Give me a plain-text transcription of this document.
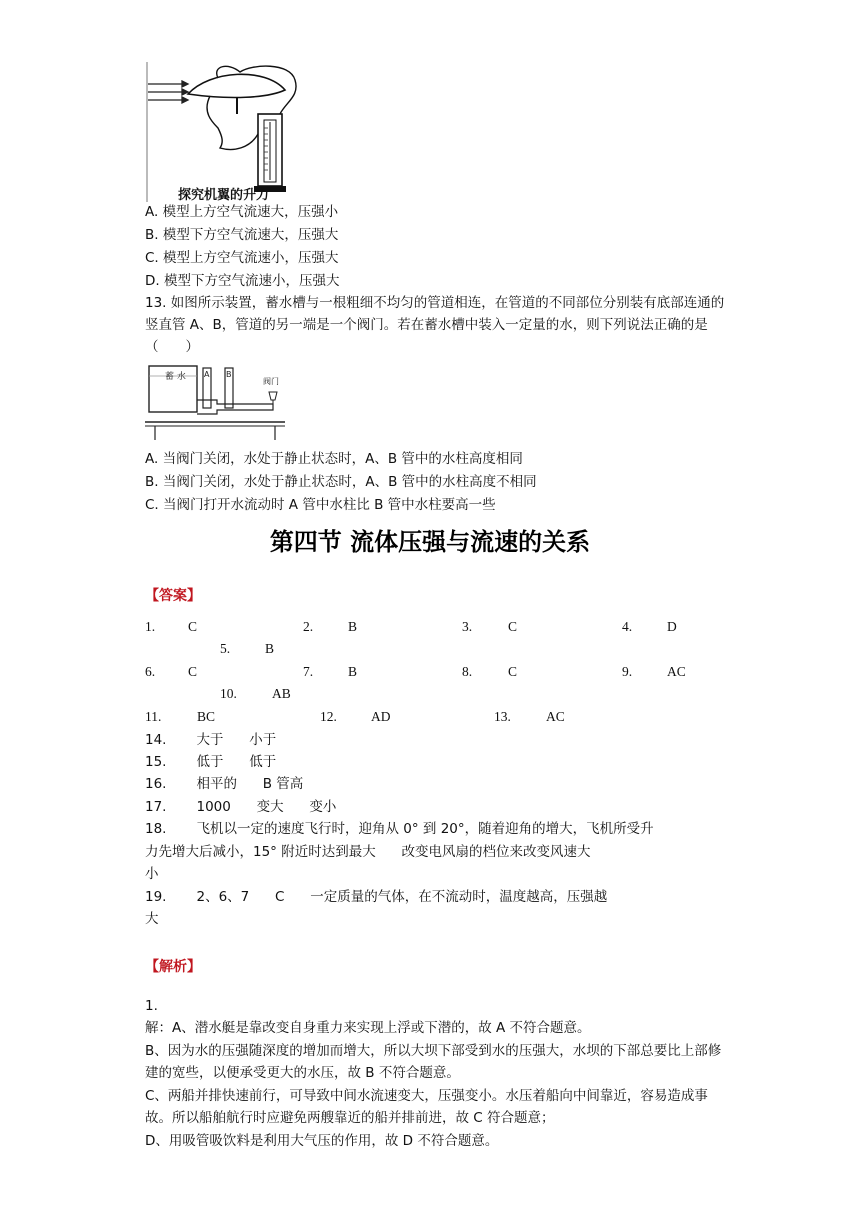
探究机翼的升力
A. 模型上方空气流速大，压强小
B. 模型下方空气流速大，压强大
C. 模型上方空气流速小，压强大
D. 模型下方空气流速小，压强大
13. 如图所示装置，蓄水槽与一根粗细不均匀的管道相连，在管道的不同部位分别装有底部连通的竖直管 A、B，管道的另一端是一个阀门。若在蓄水槽中装入一定量的水，则下列说法正确的是（　　）
蓄 水 A B
阀门
A. 当阀门关闭，水处于静止状态时，A、B 管中的水柱高度相同
B. 当阀门关闭，水处于静止状态时，A、B 管中的水柱高度不相同
C. 当阀门打开水流动时 A 管中水柱比 B 管中水柱要高一些
第四节 流体压强与流速的关系
【答案】
1. C	2.	B	3.	C	4.	D
5.	B
6. C	7.	B	8.	C	9.	AC
10.	AB
11.	BC	12.	AD	13.	AC
14.       大于      小于
15.       低于      低于
16.       相平的      B 管高
17.       1000      变大      变小
18.       飞机以一定的速度飞行时，迎角从 0° 到 20°，随着迎角的增大，飞机所受升
力先增大后减小，15° 附近时达到最大      改变电风扇的档位来改变风速大
小
19.       2、6、7      C      一定质量的气体，在不流动时，温度越高，压强越
大
【解析】
1.
解：A、潜水艇是靠改变自身重力来实现上浮或下潜的，故 A 不符合题意。
B、因为水的压强随深度的增加而增大，所以大坝下部受到水的压强大，水坝的下部总要比上部修建的宽些，以便承受更大的水压，故 B 不符合题意。
C、两船并排快速前行，可导致中间水流速变大，压强变小。水压着船向中间靠近，容易造成事故。所以船舶航行时应避免两艘靠近的船并排前进，故 C 符合题意；
D、用吸管吸饮料是利用大气压的作用，故 D 不符合题意。
